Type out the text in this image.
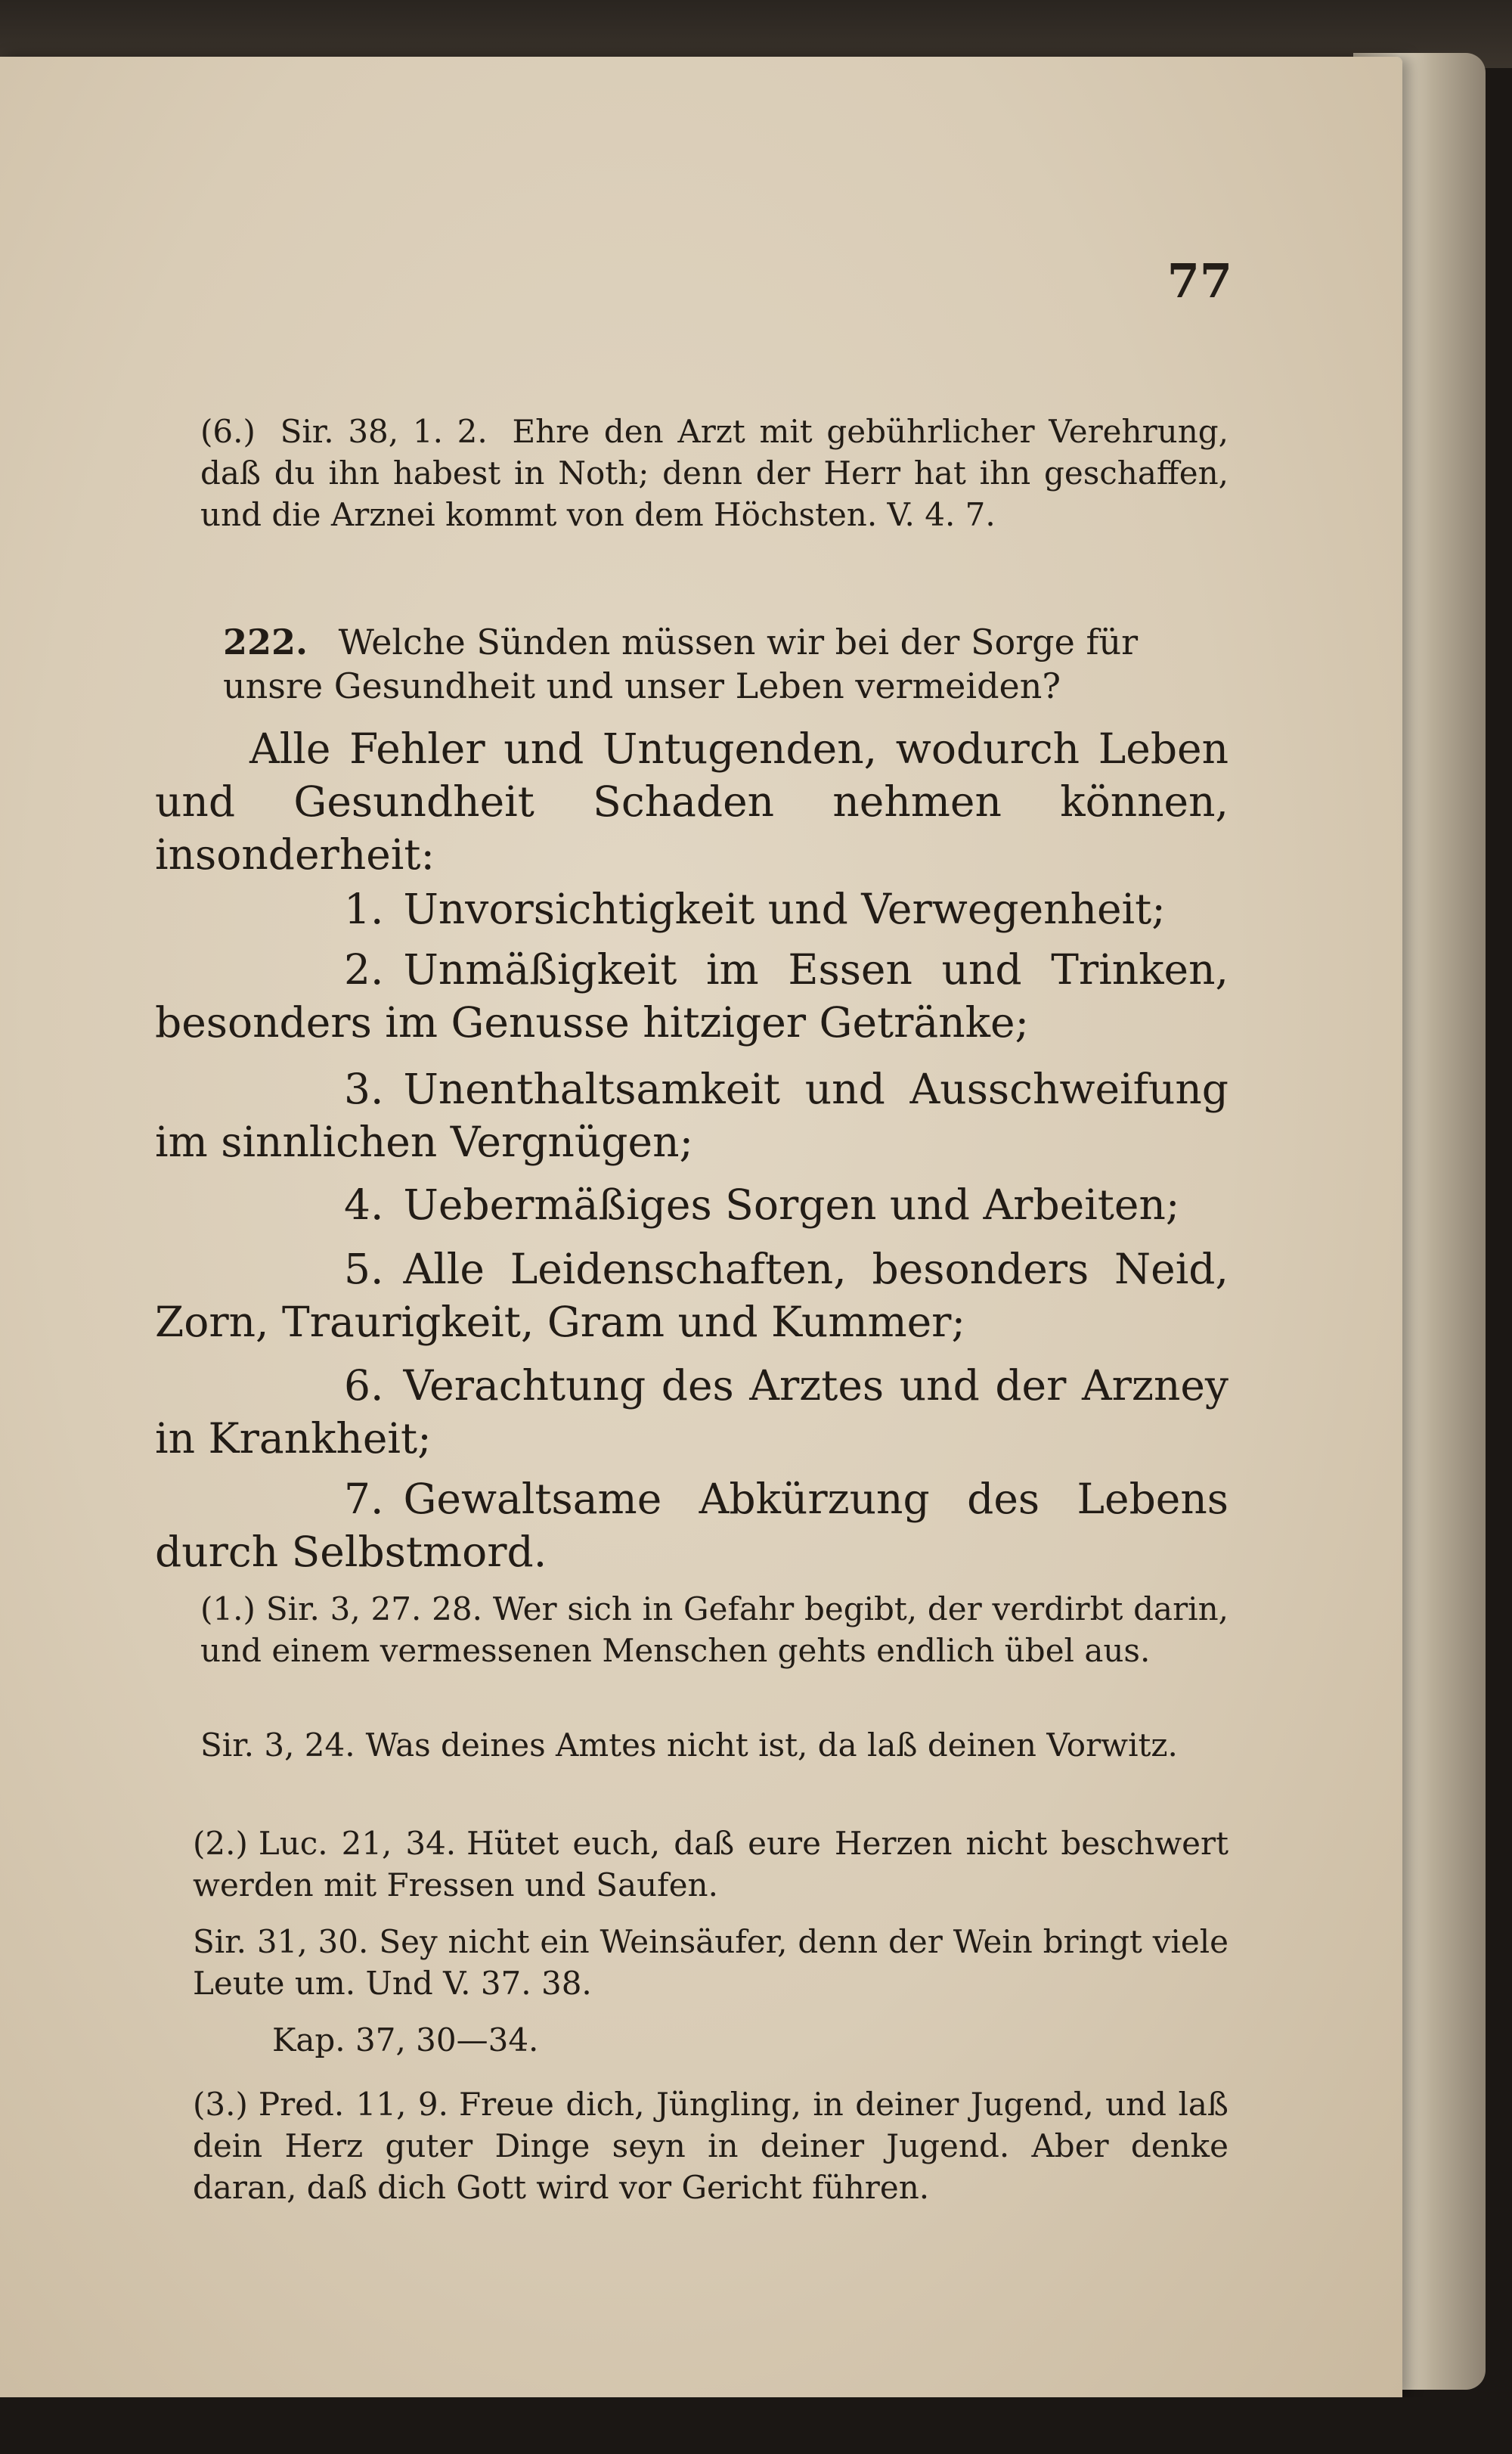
77
(6.) Sir. 38, 1. 2. Ehre den Arzt mit gebührlicher Verehrung, daß du ihn habest in Noth; denn der Herr hat ihn geschaffen, und die Arznei kommt von dem Höchsten. V. 4. 7.
222. Welche Sünden müssen wir bei der Sorge für unsre Gesundheit und unser Leben vermeiden?
Alle Fehler und Untugenden, wodurch Leben und Gesundheit Schaden nehmen können, insonderheit:
1. Unvorsichtigkeit und Verwegenheit;
2. Unmäßigkeit im Essen und Trinken, besonders im Genusse hitziger Getränke;
3. Unenthaltsamkeit und Ausschweifung im sinnlichen Vergnügen;
4. Uebermäßiges Sorgen und Arbeiten;
5. Alle Leidenschaften, besonders Neid, Zorn, Traurigkeit, Gram und Kummer;
6. Verachtung des Arztes und der Arzney in Krankheit;
7. Gewaltsame Abkürzung des Lebens durch Selbstmord.
(1.) Sir. 3, 27. 28. Wer sich in Gefahr begibt, der verdirbt darin, und einem vermessenen Menschen gehts endlich übel aus.
Sir. 3, 24. Was deines Amtes nicht ist, da laß deinen Vorwitz.
(2.) Luc. 21, 34. Hütet euch, daß eure Herzen nicht beschwert werden mit Fressen und Saufen.
Sir. 31, 30. Sey nicht ein Weinsäufer, denn der Wein bringt viele Leute um. Und V. 37. 38.
Kap. 37, 30—34.
(3.) Pred. 11, 9. Freue dich, Jüngling, in deiner Jugend, und laß dein Herz guter Dinge seyn in deiner Jugend. Aber denke daran, daß dich Gott wird vor Gericht führen.
